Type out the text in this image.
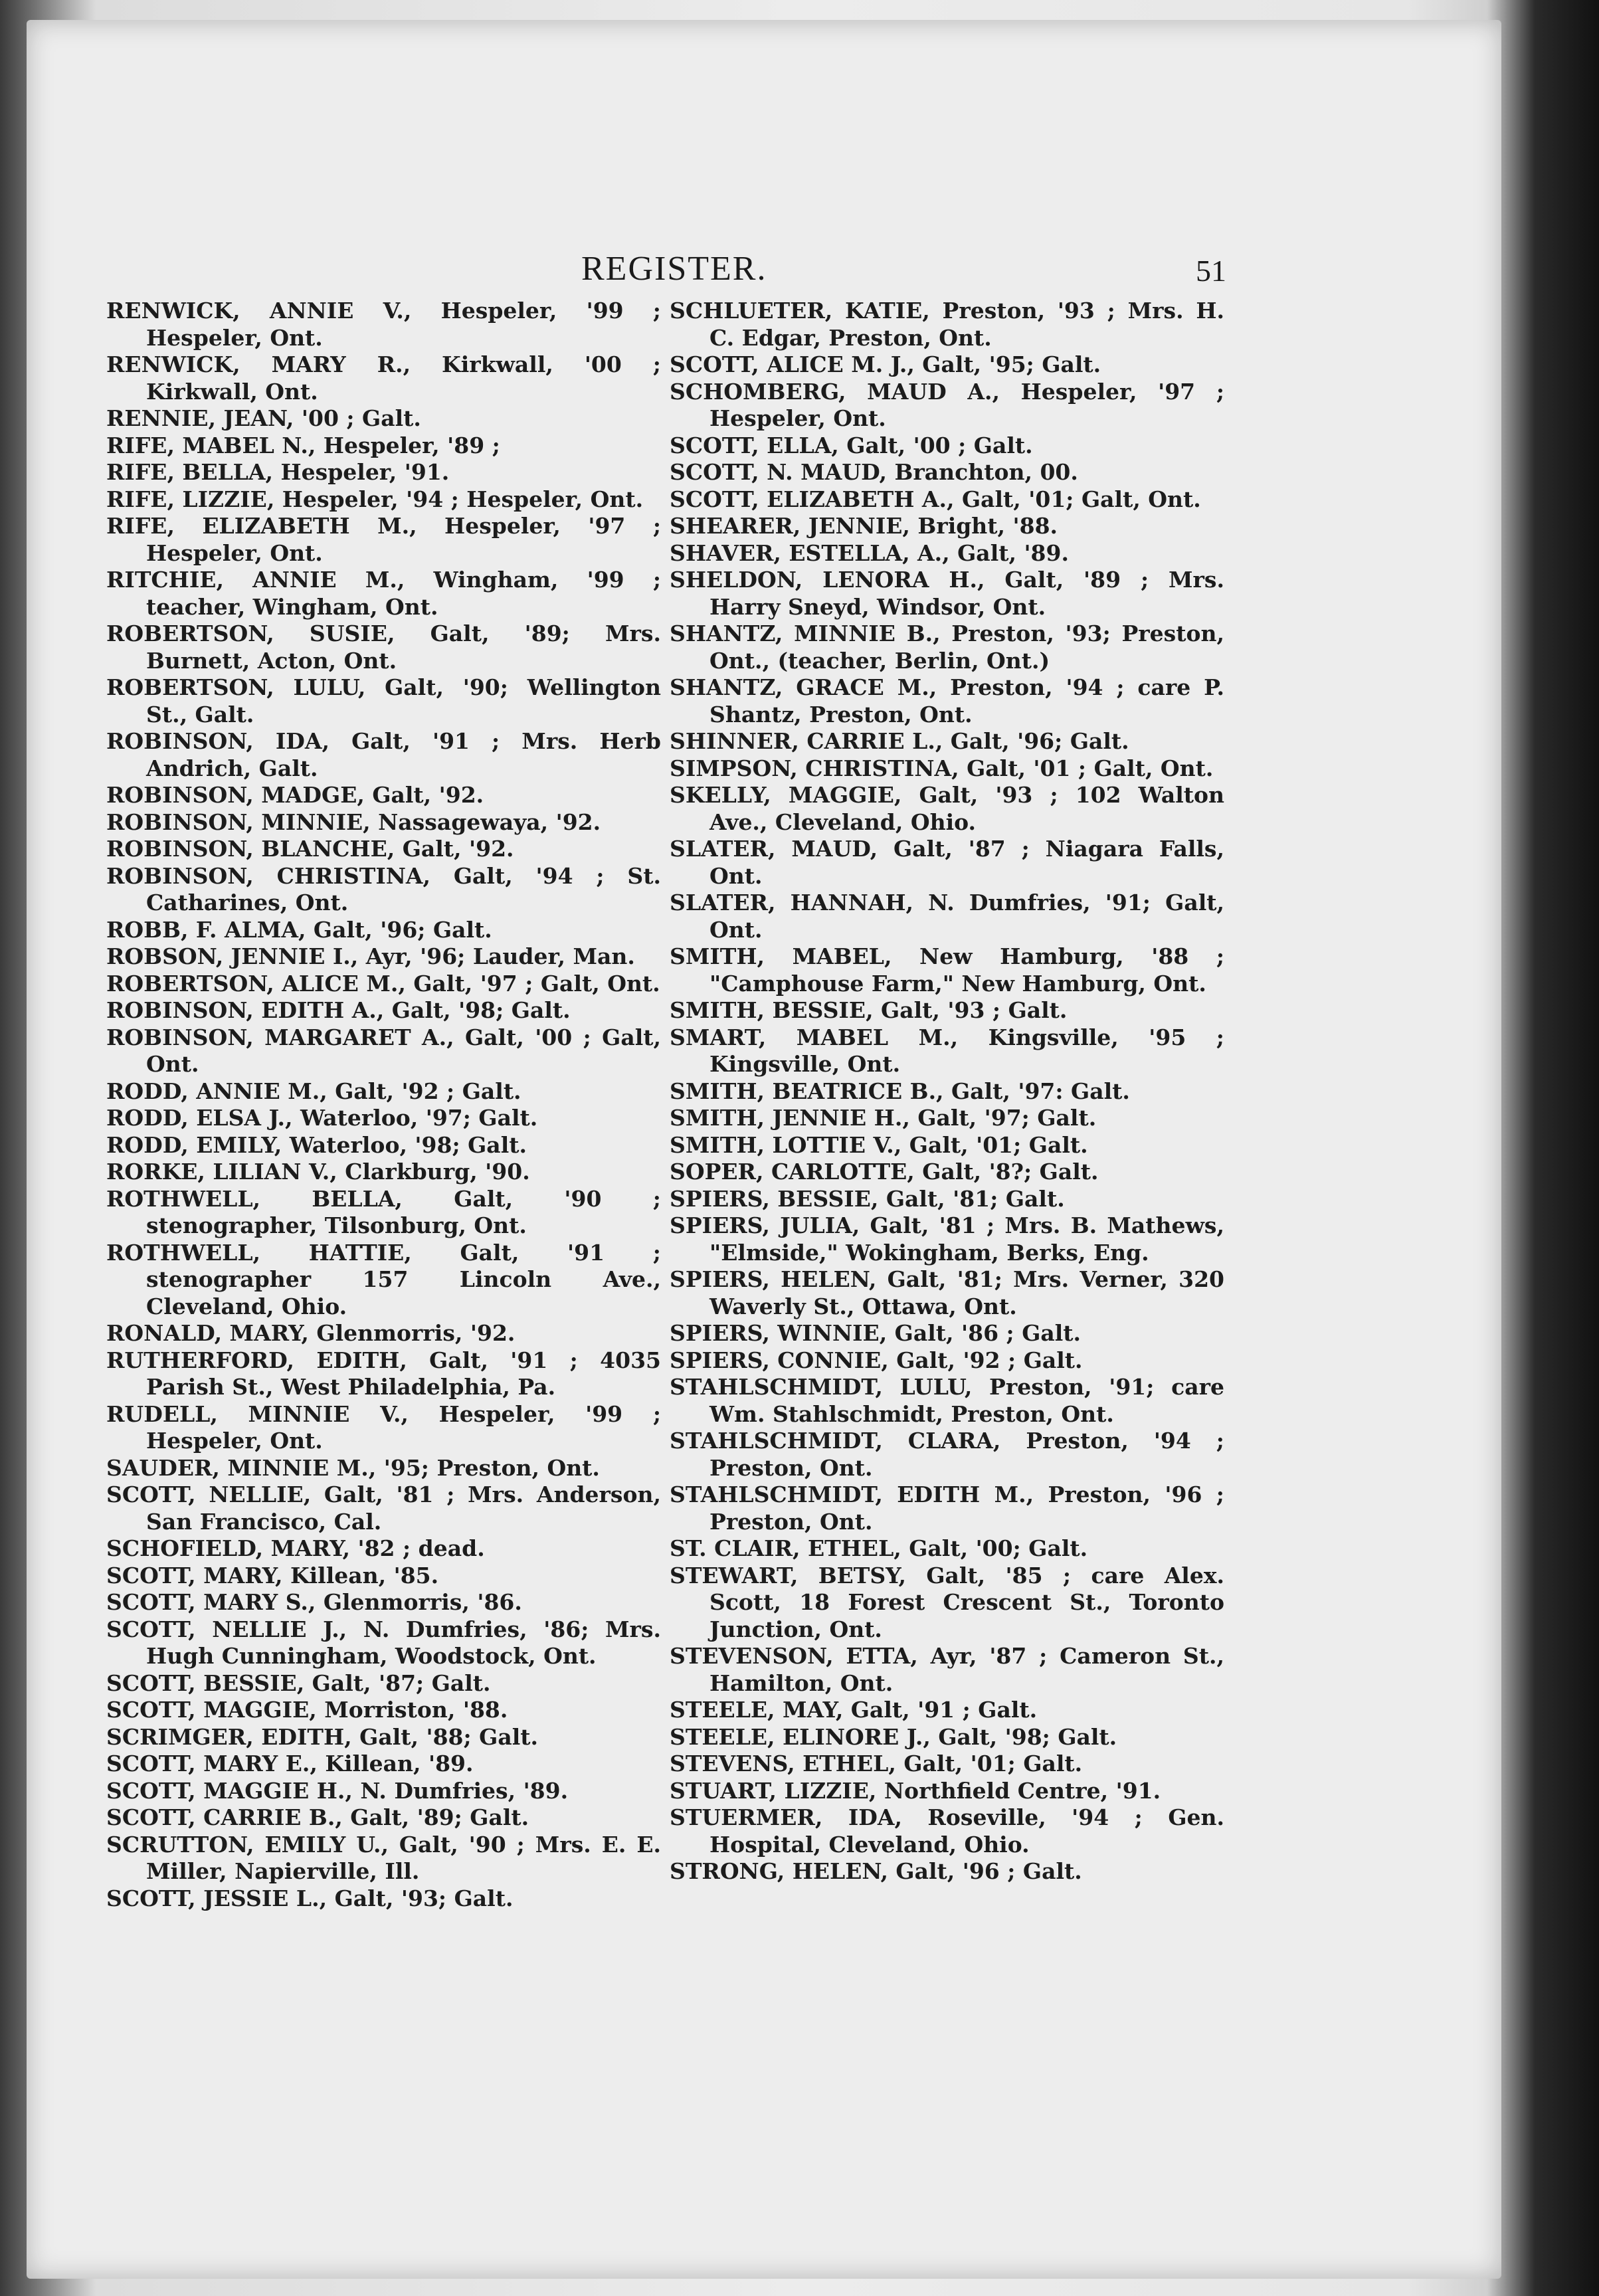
REGISTER.	51

RENWICK, ANNIE V., Hespeler, '99 ; Hespeler, Ont.

RENWICK, MARY R., Kirkwall, '00 ; Kirkwall, Ont.

RENNIE, JEAN, '00 ; Galt.

RIFE, MABEL N., Hespeler, '89 ;

RIFE, BELLA, Hespeler, '91.

RIFE, LIZZIE, Hespeler, '94 ; Hespeler, Ont.

RIFE, ELIZABETH M., Hespeler, '97 ; Hespeler, Ont.

RITCHIE, ANNIE M., Wingham, '99 ; teacher, Wingham, Ont.

ROBERTSON, SUSIE, Galt, '89; Mrs. Burnett, Acton, Ont.

ROBERTSON, LULU, Galt, '90; Wellington St., Galt.

ROBINSON, IDA, Galt, '91 ; Mrs. Herb Andrich, Galt.

ROBINSON, MADGE, Galt, '92.

ROBINSON, MINNIE, Nassagewaya, '92.

ROBINSON, BLANCHE, Galt, '92.

ROBINSON, CHRISTINA, Galt, '94 ; St. Catharines, Ont.

ROBB, F. ALMA, Galt, '96; Galt.

ROBSON, JENNIE I., Ayr, '96; Lauder, Man.

ROBERTSON, ALICE M., Galt, '97 ; Galt, Ont.

ROBINSON, EDITH A., Galt, '98; Galt.

ROBINSON, MARGARET A., Galt, '00 ; Galt, Ont.

RODD, ANNIE M., Galt, '92 ; Galt.

RODD, ELSA J., Waterloo, '97; Galt.

RODD, EMILY, Waterloo, '98; Galt.

RORKE, LILIAN V., Clarkburg, '90.

ROTHWELL, BELLA, Galt, '90 ; stenographer, Tilsonburg, Ont.

ROTHWELL, HATTIE, Galt, '91 ; stenographer 157 Lincoln Ave., Cleveland, Ohio.

RONALD, MARY, Glenmorris, '92.

RUTHERFORD, EDITH, Galt, '91 ; 4035 Parish St., West Philadelphia, Pa.

RUDELL, MINNIE V., Hespeler, '99 ; Hespeler, Ont.

SAUDER, MINNIE M., '95; Preston, Ont.

SCOTT, NELLIE, Galt, '81 ; Mrs. Anderson, San Francisco, Cal.

SCHOFIELD, MARY, '82 ; dead.

SCOTT, MARY, Killean, '85.

SCOTT, MARY S., Glenmorris, '86.

SCOTT, NELLIE J., N. Dumfries, '86; Mrs. Hugh Cunningham, Woodstock, Ont.

SCOTT, BESSIE, Galt, '87; Galt.

SCOTT, MAGGIE, Morriston, '88.

SCRIMGER, EDITH, Galt, '88; Galt.

SCOTT, MARY E., Killean, '89.

SCOTT, MAGGIE H., N. Dumfries, '89.

SCOTT, CARRIE B., Galt, '89; Galt.

SCRUTTON, EMILY U., Galt, '90 ; Mrs. E. E. Miller, Napierville, Ill.

SCOTT, JESSIE L., Galt, '93; Galt.

SCHLUETER, KATIE, Preston, '93 ; Mrs. H. C. Edgar, Preston, Ont.

SCOTT, ALICE M. J., Galt, '95; Galt.

SCHOMBERG, MAUD A., Hespeler, '97 ; Hespeler, Ont.

SCOTT, ELLA, Galt, '00 ; Galt.

SCOTT, N. MAUD, Branchton, 00.

SCOTT, ELIZABETH A., Galt, '01; Galt, Ont.

SHEARER, JENNIE, Bright, '88.

SHAVER, ESTELLA, A., Galt, '89.

SHELDON, LENORA H., Galt, '89 ; Mrs. Harry Sneyd, Windsor, Ont.

SHANTZ, MINNIE B., Preston, '93; Preston, Ont., (teacher, Berlin, Ont.)

SHANTZ, GRACE M., Preston, '94 ; care P. Shantz, Preston, Ont.

SHINNER, CARRIE L., Galt, '96; Galt.

SIMPSON, CHRISTINA, Galt, '01 ; Galt, Ont.

SKELLY, MAGGIE, Galt, '93 ; 102 Walton Ave., Cleveland, Ohio.

SLATER, MAUD, Galt, '87 ; Niagara Falls, Ont.

SLATER, HANNAH, N. Dumfries, '91; Galt, Ont.

SMITH, MABEL, New Hamburg, '88 ; "Camphouse Farm," New Hamburg, Ont.

SMITH, BESSIE, Galt, '93 ; Galt.

SMART, MABEL M., Kingsville, '95 ; Kingsville, Ont.

SMITH, BEATRICE B., Galt, '97: Galt.

SMITH, JENNIE H., Galt, '97; Galt.

SMITH, LOTTIE V., Galt, '01; Galt.

SOPER, CARLOTTE, Galt, '8?; Galt.

SPIERS, BESSIE, Galt, '81; Galt.

SPIERS, JULIA, Galt, '81 ; Mrs. B. Mathews, "Elmside," Wokingham, Berks, Eng.

SPIERS, HELEN, Galt, '81; Mrs. Verner, 320 Waverly St., Ottawa, Ont.

SPIERS, WINNIE, Galt, '86 ; Galt.

SPIERS, CONNIE, Galt, '92 ; Galt.

STAHLSCHMIDT, LULU, Preston, '91; care Wm. Stahlschmidt, Preston, Ont.

STAHLSCHMIDT, CLARA, Preston, '94 ; Preston, Ont.

STAHLSCHMIDT, EDITH M., Preston, '96 ; Preston, Ont.

ST. CLAIR, ETHEL, Galt, '00; Galt.

STEWART, BETSY, Galt, '85 ; care Alex. Scott, 18 Forest Crescent St., Toronto Junction, Ont.

STEVENSON, ETTA, Ayr, '87 ; Cameron St., Hamilton, Ont.

STEELE, MAY, Galt, '91 ; Galt.

STEELE, ELINORE J., Galt, '98; Galt.

STEVENS, ETHEL, Galt, '01; Galt.

STUART, LIZZIE, Northfield Centre, '91.

STUERMER, IDA, Roseville, '94 ; Gen. Hospital, Cleveland, Ohio.

STRONG, HELEN, Galt, '96 ; Galt.
